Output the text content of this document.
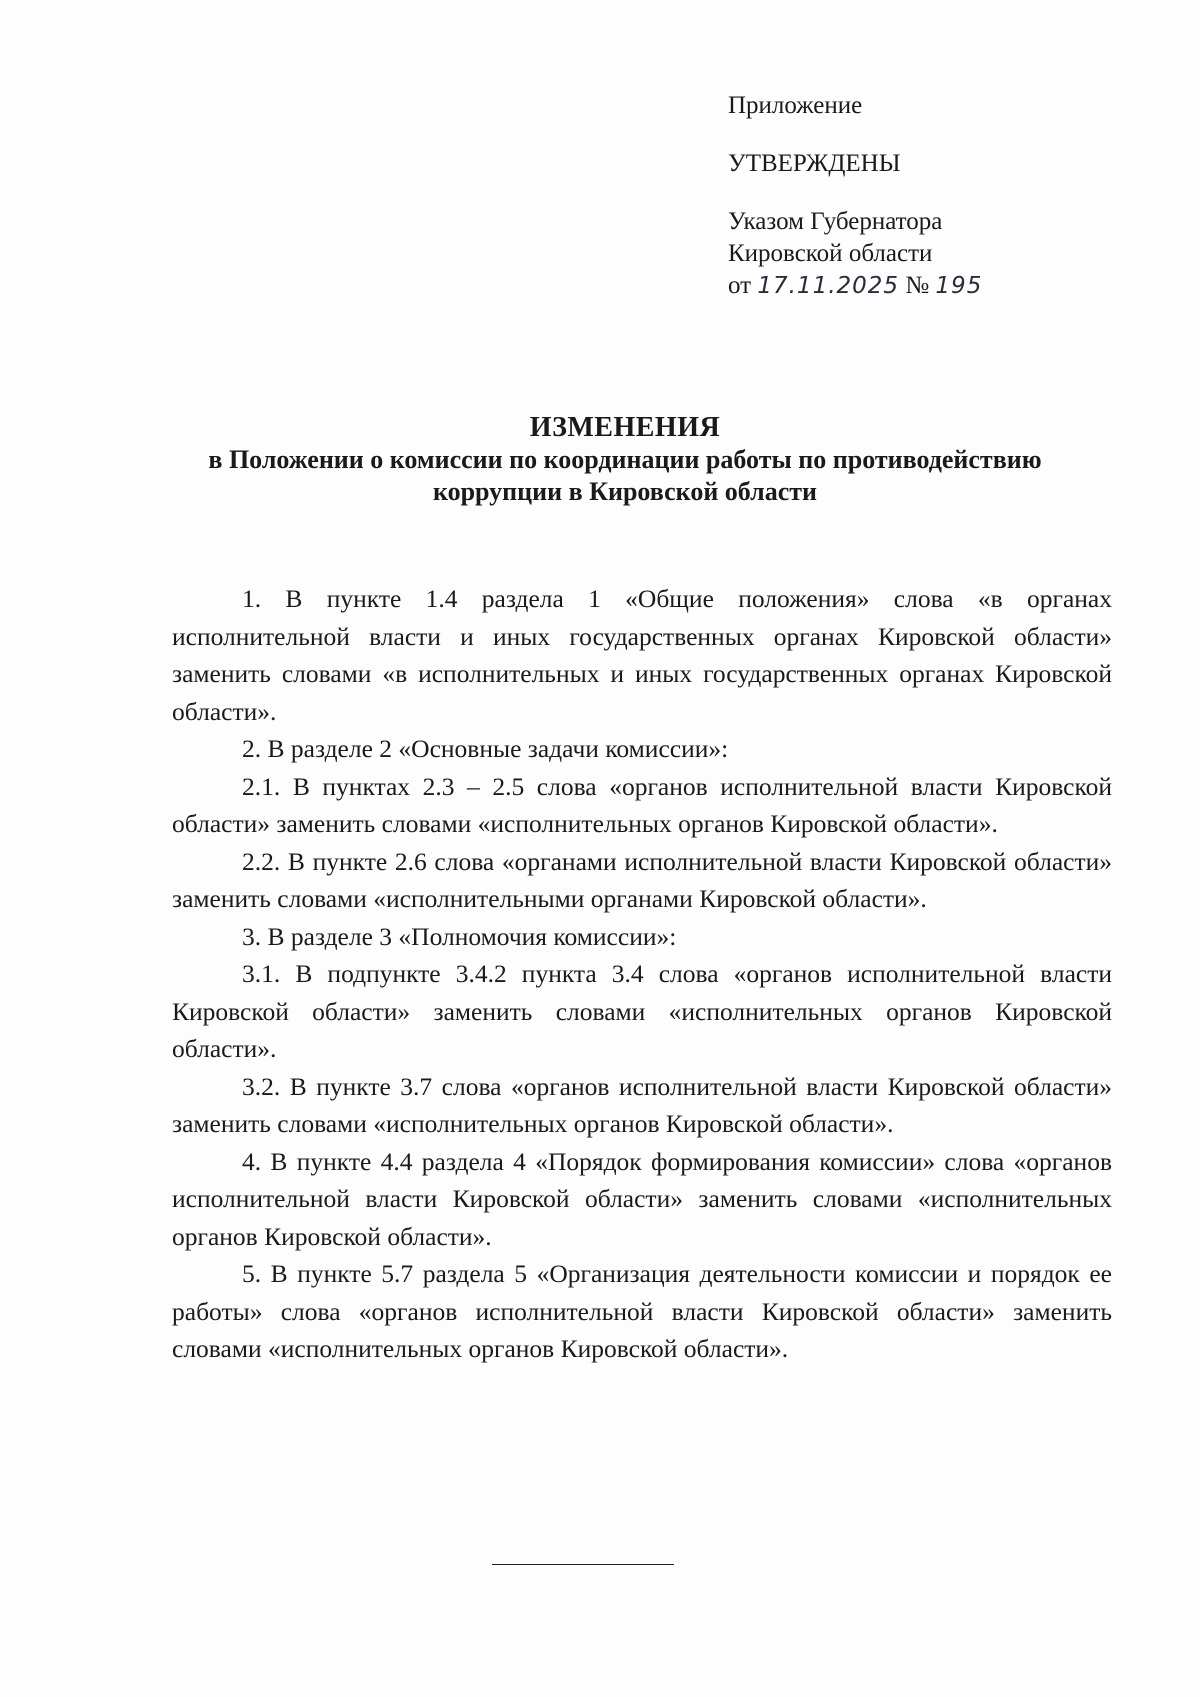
Приложение
УТВЕРЖДЕНЫ
Указом Губернатора
Кировской области
от 17.11.2025 № 195
ИЗМЕНЕНИЯ
в Положении о комиссии по координации работы по противодействию
коррупции в Кировской области

1. В пункте 1.4 раздела 1 «Общие положения» слова «в органах исполнительной власти и иных государственных органах Кировской области» заменить словами «в исполнительных и иных государственных органах Кировской области».

2. В разделе 2 «Основные задачи комиссии»:

2.1. В пунктах 2.3 – 2.5 слова «органов исполнительной власти Кировской области» заменить словами «исполнительных органов Кировской области».

2.2. В пункте 2.6 слова «органами исполнительной власти Кировской области» заменить словами «исполнительными органами Кировской области».

3. В разделе 3 «Полномочия комиссии»:

3.1. В подпункте 3.4.2 пункта 3.4 слова «органов исполнительной власти Кировской области» заменить словами «исполнительных органов Кировской области».

3.2. В пункте 3.7 слова «органов исполнительной власти Кировской области» заменить словами «исполнительных органов Кировской области».

4. В пункте 4.4 раздела 4 «Порядок формирования комиссии» слова «органов исполнительной власти Кировской области» заменить словами «исполнительных органов Кировской области».

5. В пункте 5.7 раздела 5 «Организация деятельности комиссии и порядок ее работы» слова «органов исполнительной власти Кировской области» заменить словами «исполнительных органов Кировской области».
